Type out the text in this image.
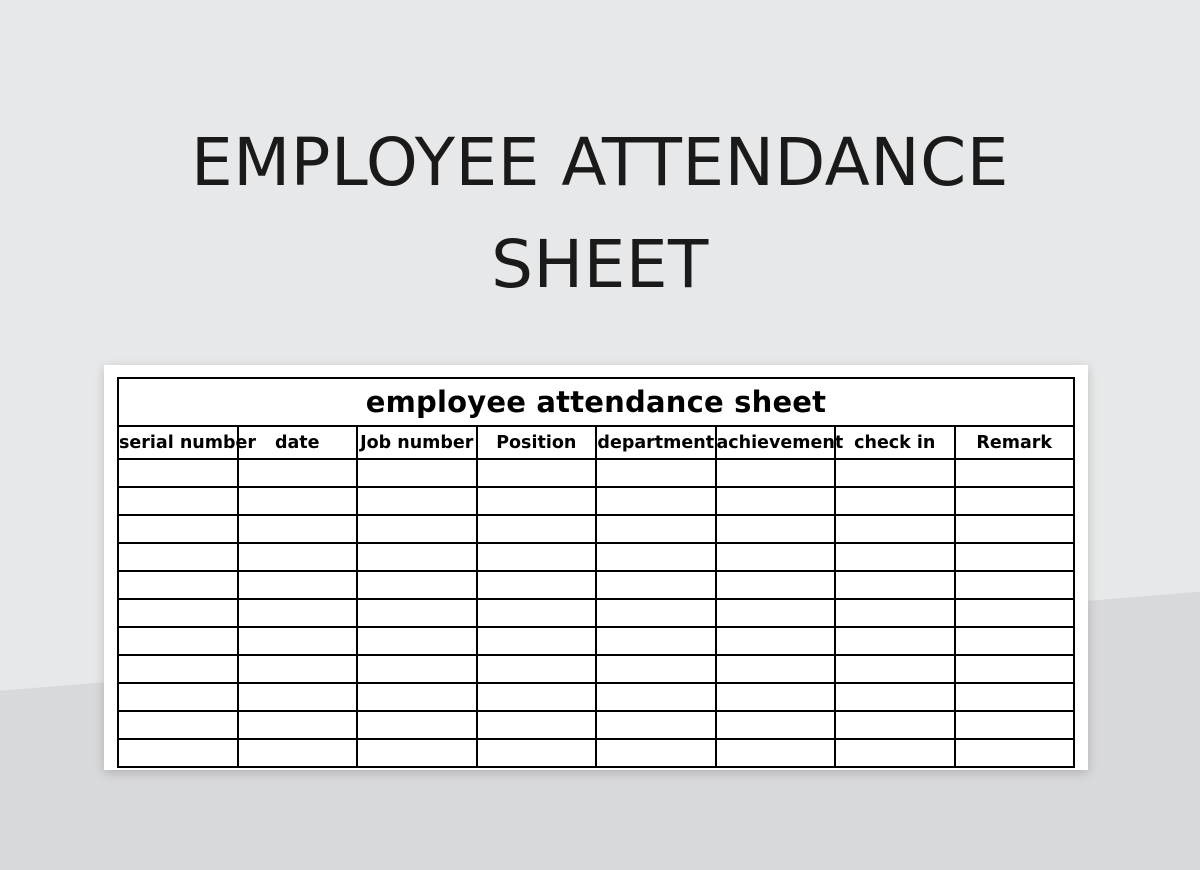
EMPLOYEE ATTENDANCE
SHEET
employee attendance sheet							
serial number	date	Job number	Position	department	achievement	check in	Remark
